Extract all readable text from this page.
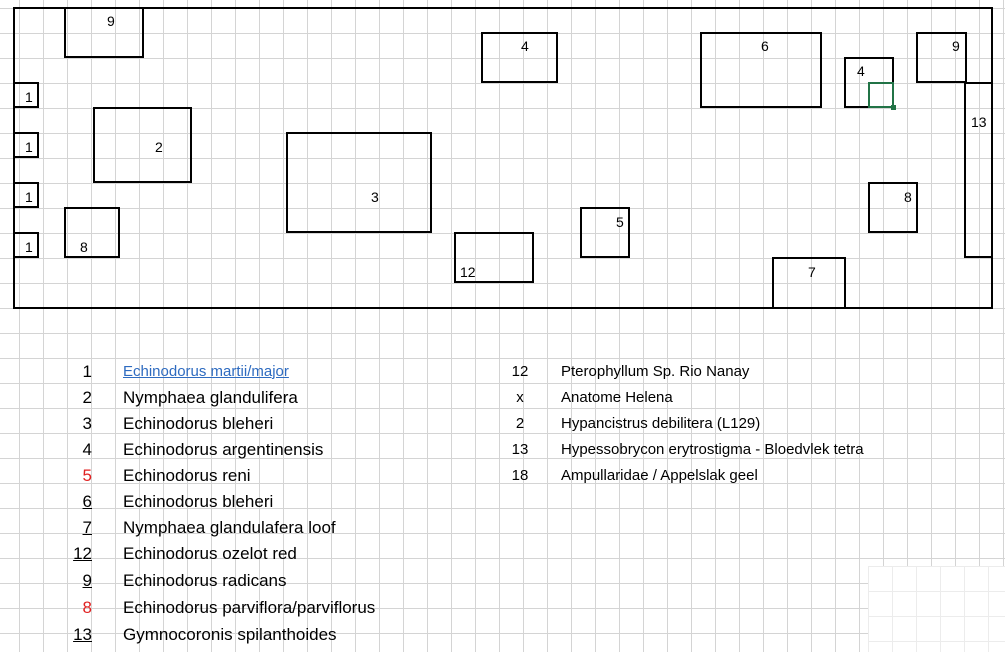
9
4	6
4
9
13
1
1
1
1
2
3
8
12
5
8
7
1 Echinodorus martii/major
2 Nymphaea glandulifera
3 Echinodorus bleheri
4 Echinodorus argentinensis
5 Echinodorus reni
6 Echinodorus bleheri
7 Nymphaea glandulafera loof
12 Echinodorus ozelot red
9 Echinodorus radicans
8 Echinodorus parviflora/parviflorus
13 Gymnocoronis spilanthoides
12	Pterophyllum Sp. Rio Nanay
x	Anatome Helena
2	Hypancistrus debilitera (L129)
13	Hypessobrycon erytrostigma - Bloedvlek tetra
18	Ampullaridae / Appelslak geel
